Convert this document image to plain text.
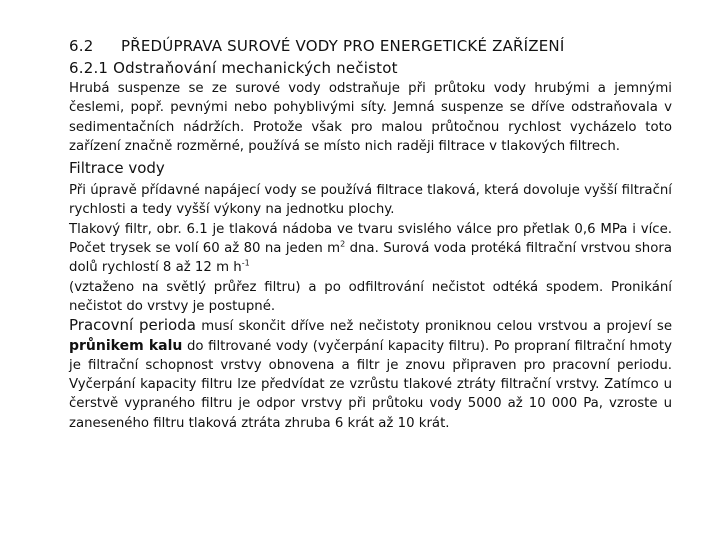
6.2 PŘEDÚPRAVA SUROVÉ VODY PRO ENERGETICKÉ ZAŘÍZENÍ
6.2.1 Odstraňování mechanických nečistot

Hrubá suspenze se ze surové vody odstraňuje při průtoku vody hrubými a jemnými česlemi, popř. pevnými nebo pohyblivými síty. Jemná suspenze se dříve odstraňovala v sedimentačních nádržích. Protože však pro malou průtočnou rychlost vycházelo toto zařízení značně rozměrné, používá se místo nich raději filtrace v tlakových filtrech.

Filtrace vody

Při úpravě přídavné napájecí vody se používá filtrace tlaková, která dovoluje vyšší filtrační rychlosti a tedy vyšší výkony na jednotku plochy.

Tlakový filtr, obr. 6.1 je tlaková nádoba ve tvaru svislého válce pro přetlak 0,6 MPa i více. Počet trysek se volí 60 až 80 na jeden $m^2$ dna. Surová voda protéká filtrační vrstvou shora dolů rychlostí 8 až 12 m $h^{-1}$

(vztaženo na světlý průřez filtru) a po odfiltrování nečistot odtéká spodem. Pronikání nečistot do vrstvy je postupné.

Pracovní perioda musí skončit dříve než nečistoty proniknou celou vrstvou a projeví se průnikem kalu do filtrované vody (vyčerpání kapacity filtru). Po propraní filtrační hmoty je filtrační schopnost vrstvy obnovena a filtr je znovu připraven pro pracovní periodu. Vyčerpání kapacity filtru lze předvídat ze vzrůstu tlakové ztráty filtrační vrstvy. Zatímco u čerstvě vypraného filtru je odpor vrstvy při průtoku vody 5000 až 10 000 Pa, vzroste u zaneseného filtru tlaková ztráta zhruba 6 krát až 10 krát.
